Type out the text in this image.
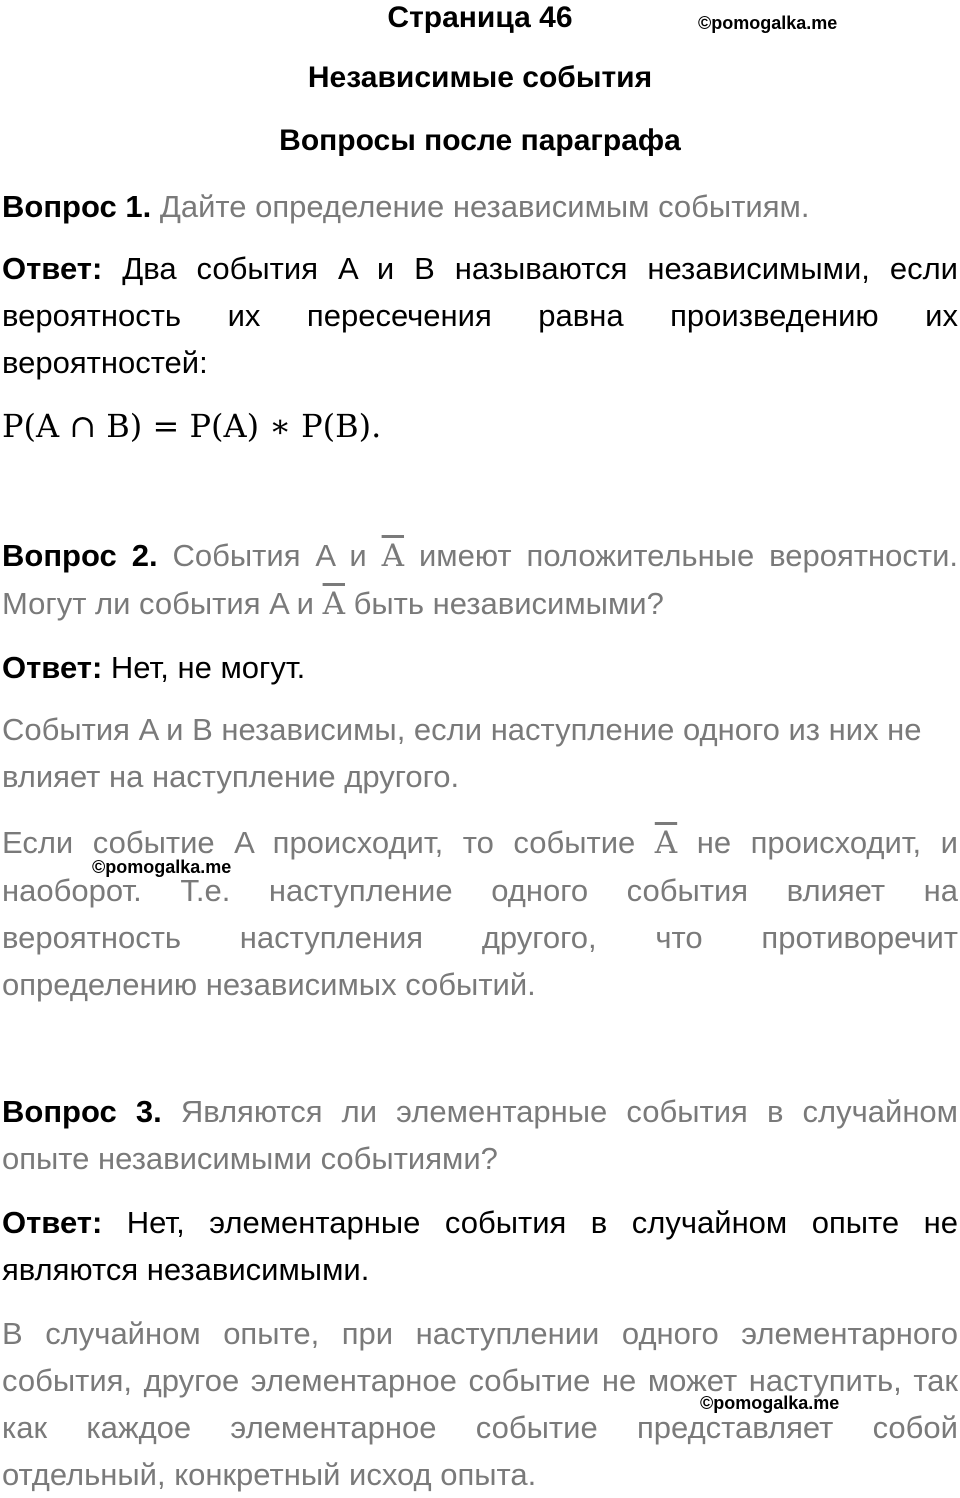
Страница 46	©pomogalka.me
Независимые события
Вопросы после параграфа

Вопрос 1. Дайте определение независимым событиям.

Ответ: Два события A и B называются независимыми, если вероятность их пересечения равна произведению их вероятностей:

P(A ∩ B) = P(A) ∗ P(B).

Вопрос 2. События A и $\overline{A}$ имеют положительные вероятности. Могут ли события A и $\overline{A}$ быть независимыми?

Ответ: Нет, не могут.

События A и B независимы, если наступление одного из них не влияет на наступление другого.

Если событие A происходит, то событие $\overline{A}$ не происходит, и наоборот. Т.е. наступление одного события влияет на вероятность наступления другого, что противоречит определению независимых событий.

©pomogalka.me

Вопрос 3. Являются ли элементарные события в случайном опыте независимыми событиями?

Ответ: Нет, элементарные события в случайном опыте не являются независимыми.

В случайном опыте, при наступлении одного элементарного события, другое элементарное событие не может наступить, так как каждое элементарное событие представляет собой отдельный, конкретный исход опыта.

©pomogalka.me
